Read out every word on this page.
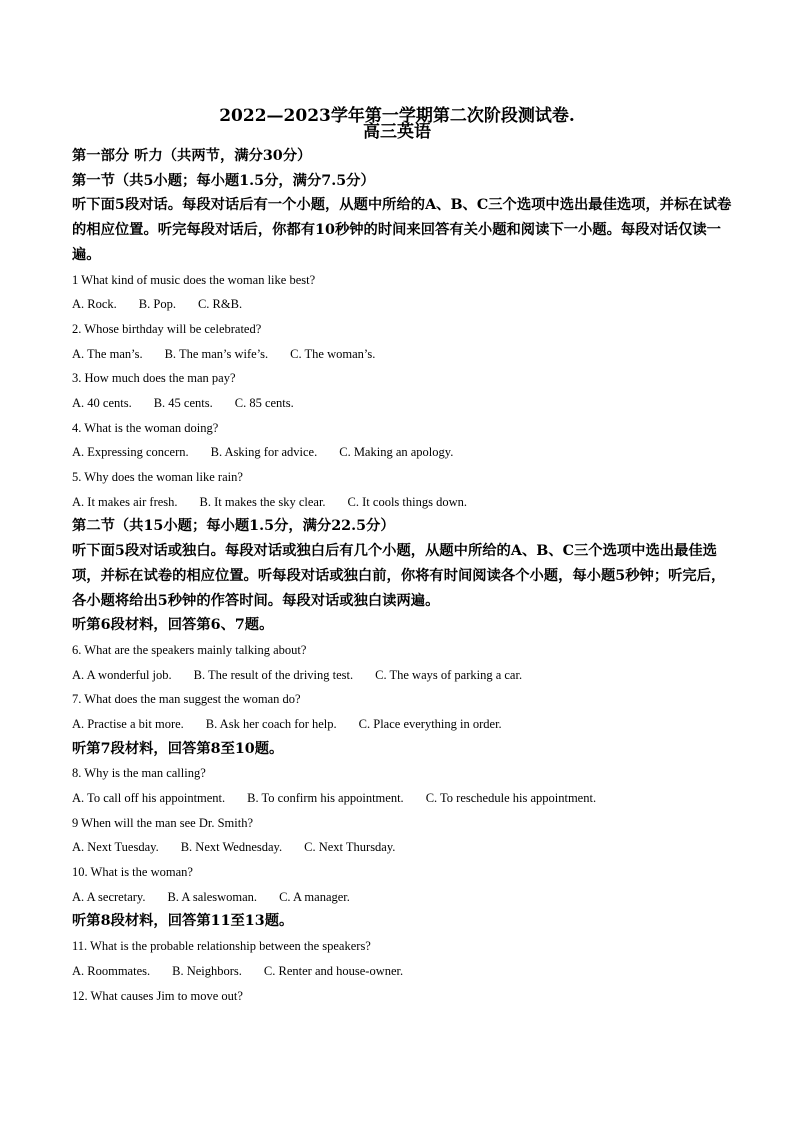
2022—2023学年第一学期第二次阶段测试卷.
高三英语
第一部分 听力（共两节，满分30分）
第一节（共5小题；每小题1.5分，满分7.5分）
听下面5段对话。每段对话后有一个小题，从题中所给的A、B、C三个选项中选出最佳选项，并标在试卷的相应位置。听完每段对话后，你都有10秒钟的时间来回答有关小题和阅读下一小题。每段对话仅读一遍。
1 What kind of music does the woman like best?
A. Rock. B. Pop. C. R&B.
2. Whose birthday will be celebrated?
A. The man’s. B. The man’s wife’s. C. The woman’s.
3. How much does the man pay?
A. 40 cents. B. 45 cents. C. 85 cents.
4. What is the woman doing?
A. Expressing concern. B. Asking for advice. C. Making an apology.
5. Why does the woman like rain?
A. It makes air fresh. B. It makes the sky clear. C. It cools things down.
第二节（共15小题；每小题1.5分，满分22.5分）
听下面5段对话或独白。每段对话或独白后有几个小题，从题中所给的A、B、C三个选项中选出最佳选项，并标在试卷的相应位置。听每段对话或独白前，你将有时间阅读各个小题，每小题5秒钟；听完后，各小题将给出5秒钟的作答时间。每段对话或独白读两遍。
听第6段材料，回答第6、7题。
6. What are the speakers mainly talking about?
A. A wonderful job. B. The result of the driving test. C. The ways of parking a car.
7. What does the man suggest the woman do?
A. Practise a bit more. B. Ask her coach for help. C. Place everything in order.
听第7段材料，回答第8至10题。
8. Why is the man calling?
A. To call off his appointment. B. To confirm his appointment. C. To reschedule his appointment.
9 When will the man see Dr. Smith?
A. Next Tuesday. B. Next Wednesday. C. Next Thursday.
10. What is the woman?
A. A secretary. B. A saleswoman. C. A manager.
听第8段材料，回答第11至13题。
11. What is the probable relationship between the speakers?
A. Roommates. B. Neighbors. C. Renter and house-owner.
12. What causes Jim to move out?
